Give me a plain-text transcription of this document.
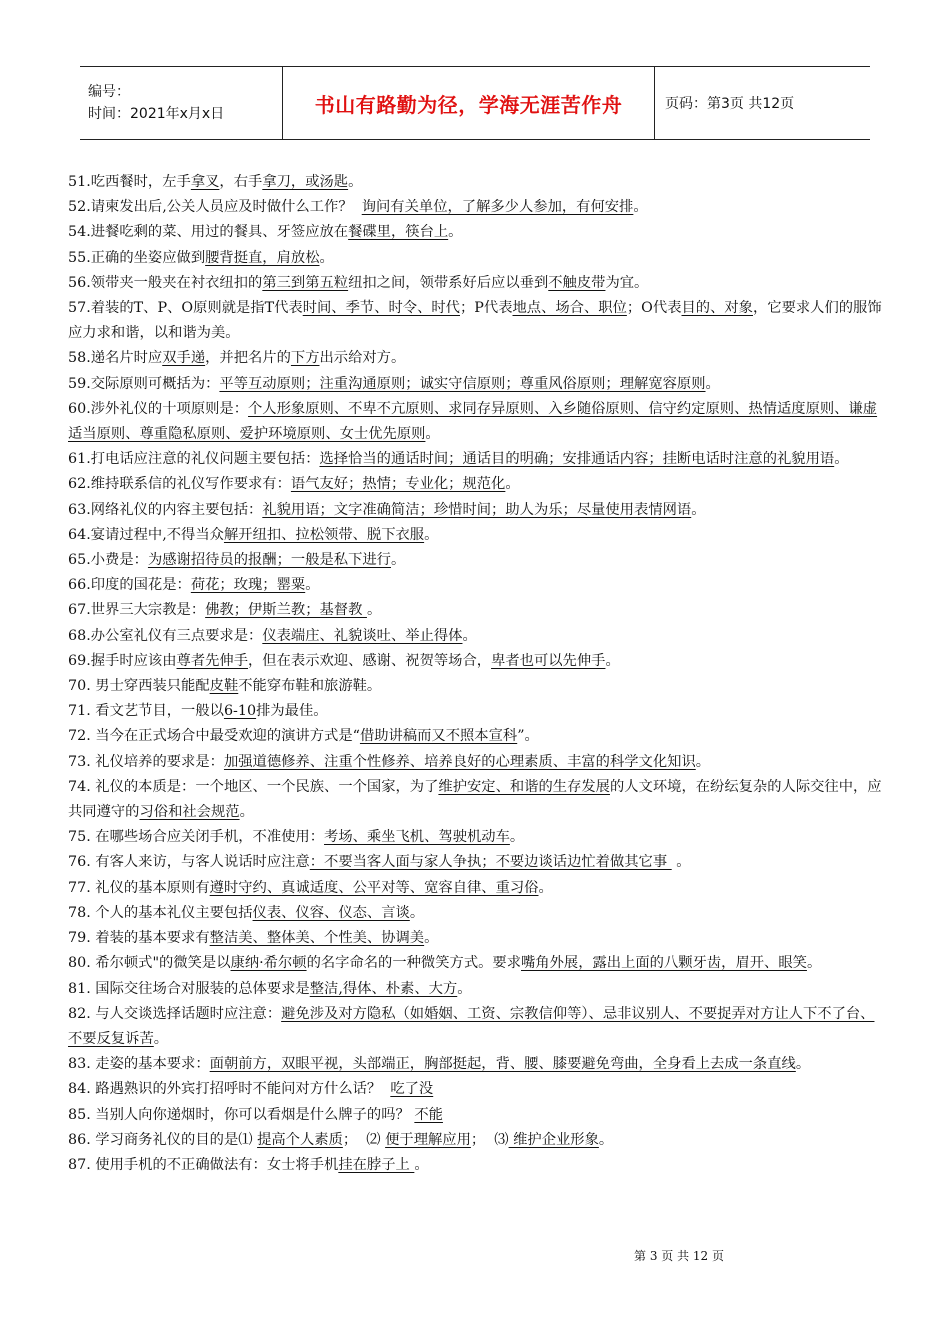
编号：
时间：2021年x月x日	书山有路勤为径，学海无涯苦作舟	页码：第3页 共12页

51.吃西餐时，左手拿叉，右手拿刀，或汤匙。

52.请柬发出后,公关人员应及时做什么工作？  询问有关单位，了解多少人参加，有何安排。

54.进餐吃剩的菜、用过的餐具、牙签应放在餐碟里，筷台上。

55.正确的坐姿应做到腰背挺直，肩放松。

56.领带夹一般夹在衬衣纽扣的第三到第五粒纽扣之间，领带系好后应以垂到不触皮带为宜。

57.着装的T、P、O原则就是指T代表时间、季节、时令、时代；P代表地点、场合、职位；O代表目的、对象，它要求人们的服饰应力求和谐，以和谐为美。

58.递名片时应双手递，并把名片的下方出示给对方。

59.交际原则可概括为：平等互动原则；注重沟通原则；诚实守信原则；尊重风俗原则；理解宽容原则。

60.涉外礼仪的十项原则是：个人形象原则、不卑不亢原则、求同存异原则、入乡随俗原则、信守约定原则、热情适度原则、谦虚适当原则、尊重隐私原则、爱护环境原则、女士优先原则。

61.打电话应注意的礼仪问题主要包括：选择恰当的通话时间；通话目的明确；安排通话内容；挂断电话时注意的礼貌用语。

62.维持联系信的礼仪写作要求有：语气友好；热情；专业化；规范化。

63.网络礼仪的内容主要包括：礼貌用语；文字准确简洁；珍惜时间；助人为乐；尽量使用表情网语。

64.宴请过程中,不得当众解开纽扣、拉松领带、脱下衣服。

65.小费是：为感谢招待员的报酬；一般是私下进行。

66.印度的国花是：荷花；玫瑰；罂粟。

67.世界三大宗教是：佛教；伊斯兰教；基督教 。

68.办公室礼仪有三点要求是：仪表端庄、礼貌谈吐、举止得体。

69.握手时应该由尊者先伸手，但在表示欢迎、感谢、祝贺等场合，卑者也可以先伸手。

70. 男士穿西装只能配皮鞋不能穿布鞋和旅游鞋。

71. 看文艺节目，一般以6-10排为最佳。

72. 当今在正式场合中最受欢迎的演讲方式是“借助讲稿而又不照本宣科”。

73. 礼仪培养的要求是：加强道德修养、注重个性修养、培养良好的心理素质、丰富的科学文化知识。

74. 礼仪的本质是：一个地区、一个民族、一个国家，为了维护安定、和谐的生存发展的人文环境，在纷纭复杂的人际交往中，应共同遵守的习俗和社会规范。

75. 在哪些场合应关闭手机，不准使用：考场、乘坐飞机、驾驶机动车。

76. 有客人来访，与客人说话时应注意：不要当客人面与家人争执；不要边谈话边忙着做其它事  。

77. 礼仪的基本原则有遵时守约、真诚适度、公平对等、宽容自律、重习俗。

78. 个人的基本礼仪主要包括仪表、仪容、仪态、言谈。

79. 着装的基本要求有整洁美、整体美、个性美、协调美。

80. 希尔顿式"的微笑是以康纳·希尔顿的名字命名的一种微笑方式。要求嘴角外展，露出上面的八颗牙齿，眉开、眼笑。

81. 国际交往场合对服装的总体要求是整洁,得体、朴素、大方。

82. 与人交谈选择话题时应注意：避免涉及对方隐私（如婚姻、工资、宗教信仰等）、忌非议别人、不要捉弄对方让人下不了台、不要反复诉苦。

83. 走姿的基本要求：面朝前方，双眼平视，头部端正，胸部挺起，背、腰、膝要避免弯曲，全身看上去成一条直线。

84. 路遇熟识的外宾打招呼时不能问对方什么话？  吃了没

85. 当别人向你递烟时，你可以看烟是什么牌子的吗？ 不能

86. 学习商务礼仪的目的是⑴ 提高个人素质；  ⑵ 便于理解应用；  ⑶ 维护企业形象。

87. 使用手机的不正确做法有：女士将手机挂在脖子上 。

第 3 页 共 12 页
